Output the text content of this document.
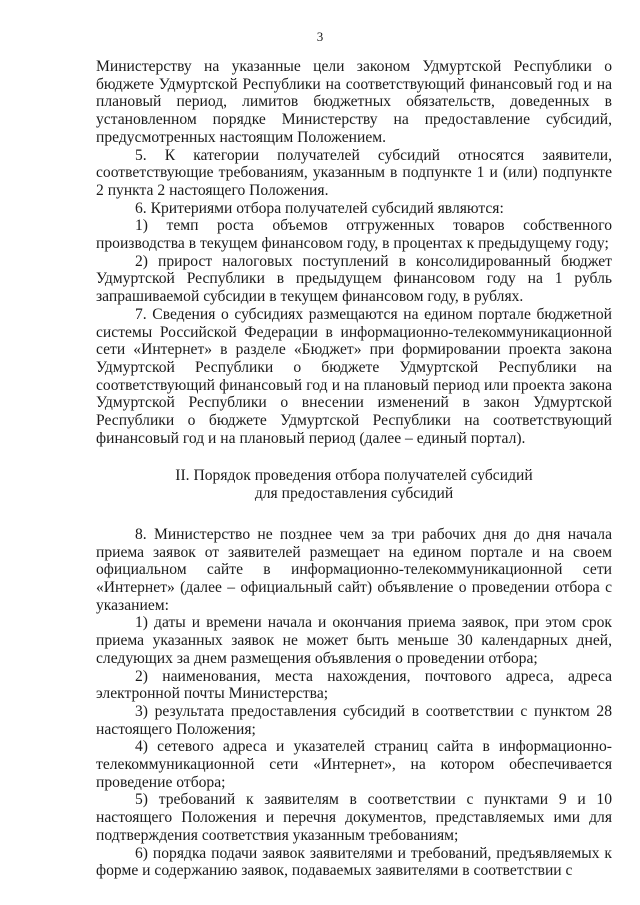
3

Министерству на указанные цели законом Удмуртской Республики о бюджете Удмуртской Республики на соответствующий финансовый год и на плановый период, лимитов бюджетных обязательств, доведенных в установленном порядке Министерству на предоставление субсидий, предусмотренных настоящим Положением.

5. К категории получателей субсидий относятся заявители, соответствующие требованиям, указанным в подпункте 1 и (или) подпункте 2 пункта 2 настоящего Положения.

6. Критериями отбора получателей субсидий являются:

1) темп роста объемов отгруженных товаров собственного производства в текущем финансовом году, в процентах к предыдущему году;

2) прирост налоговых поступлений в консолидированный бюджет Удмуртской Республики в предыдущем финансовом году на 1 рубль запрашиваемой субсидии в текущем финансовом году, в рублях.

7. Сведения о субсидиях размещаются на едином портале бюджетной системы Российской Федерации в информационно-телекоммуникационной сети «Интернет» в разделе «Бюджет» при формировании проекта закона Удмуртской Республики о бюджете Удмуртской Республики на соответствующий финансовый год и на плановый период или проекта закона Удмуртской Республики о внесении изменений в закон Удмуртской Республики о бюджете Удмуртской Республики на соответствующий финансовый год и на плановый период (далее – единый портал).

II. Порядок проведения отбора получателей субсидий
для предоставления субсидий

8. Министерство не позднее чем за три рабочих дня до дня начала приема заявок от заявителей размещает на едином портале и на своем официальном сайте в информационно-телекоммуникационной сети «Интернет» (далее – официальный сайт) объявление о проведении отбора с указанием:

1) даты и времени начала и окончания приема заявок, при этом срок приема указанных заявок не может быть меньше 30 календарных дней, следующих за днем размещения объявления о проведении отбора;

2) наименования, места нахождения, почтового адреса, адреса электронной почты Министерства;

3) результата предоставления субсидий в соответствии с пунктом 28 настоящего Положения;

4) сетевого адреса и указателей страниц сайта в информационно-телекоммуникационной сети «Интернет», на котором обеспечивается проведение отбора;

5) требований к заявителям в соответствии с пунктами 9 и 10 настоящего Положения и перечня документов, представляемых ими для подтверждения соответствия указанным требованиям;

6) порядка подачи заявок заявителями и требований, предъявляемых к форме и содержанию заявок, подаваемых заявителями в соответствии с
